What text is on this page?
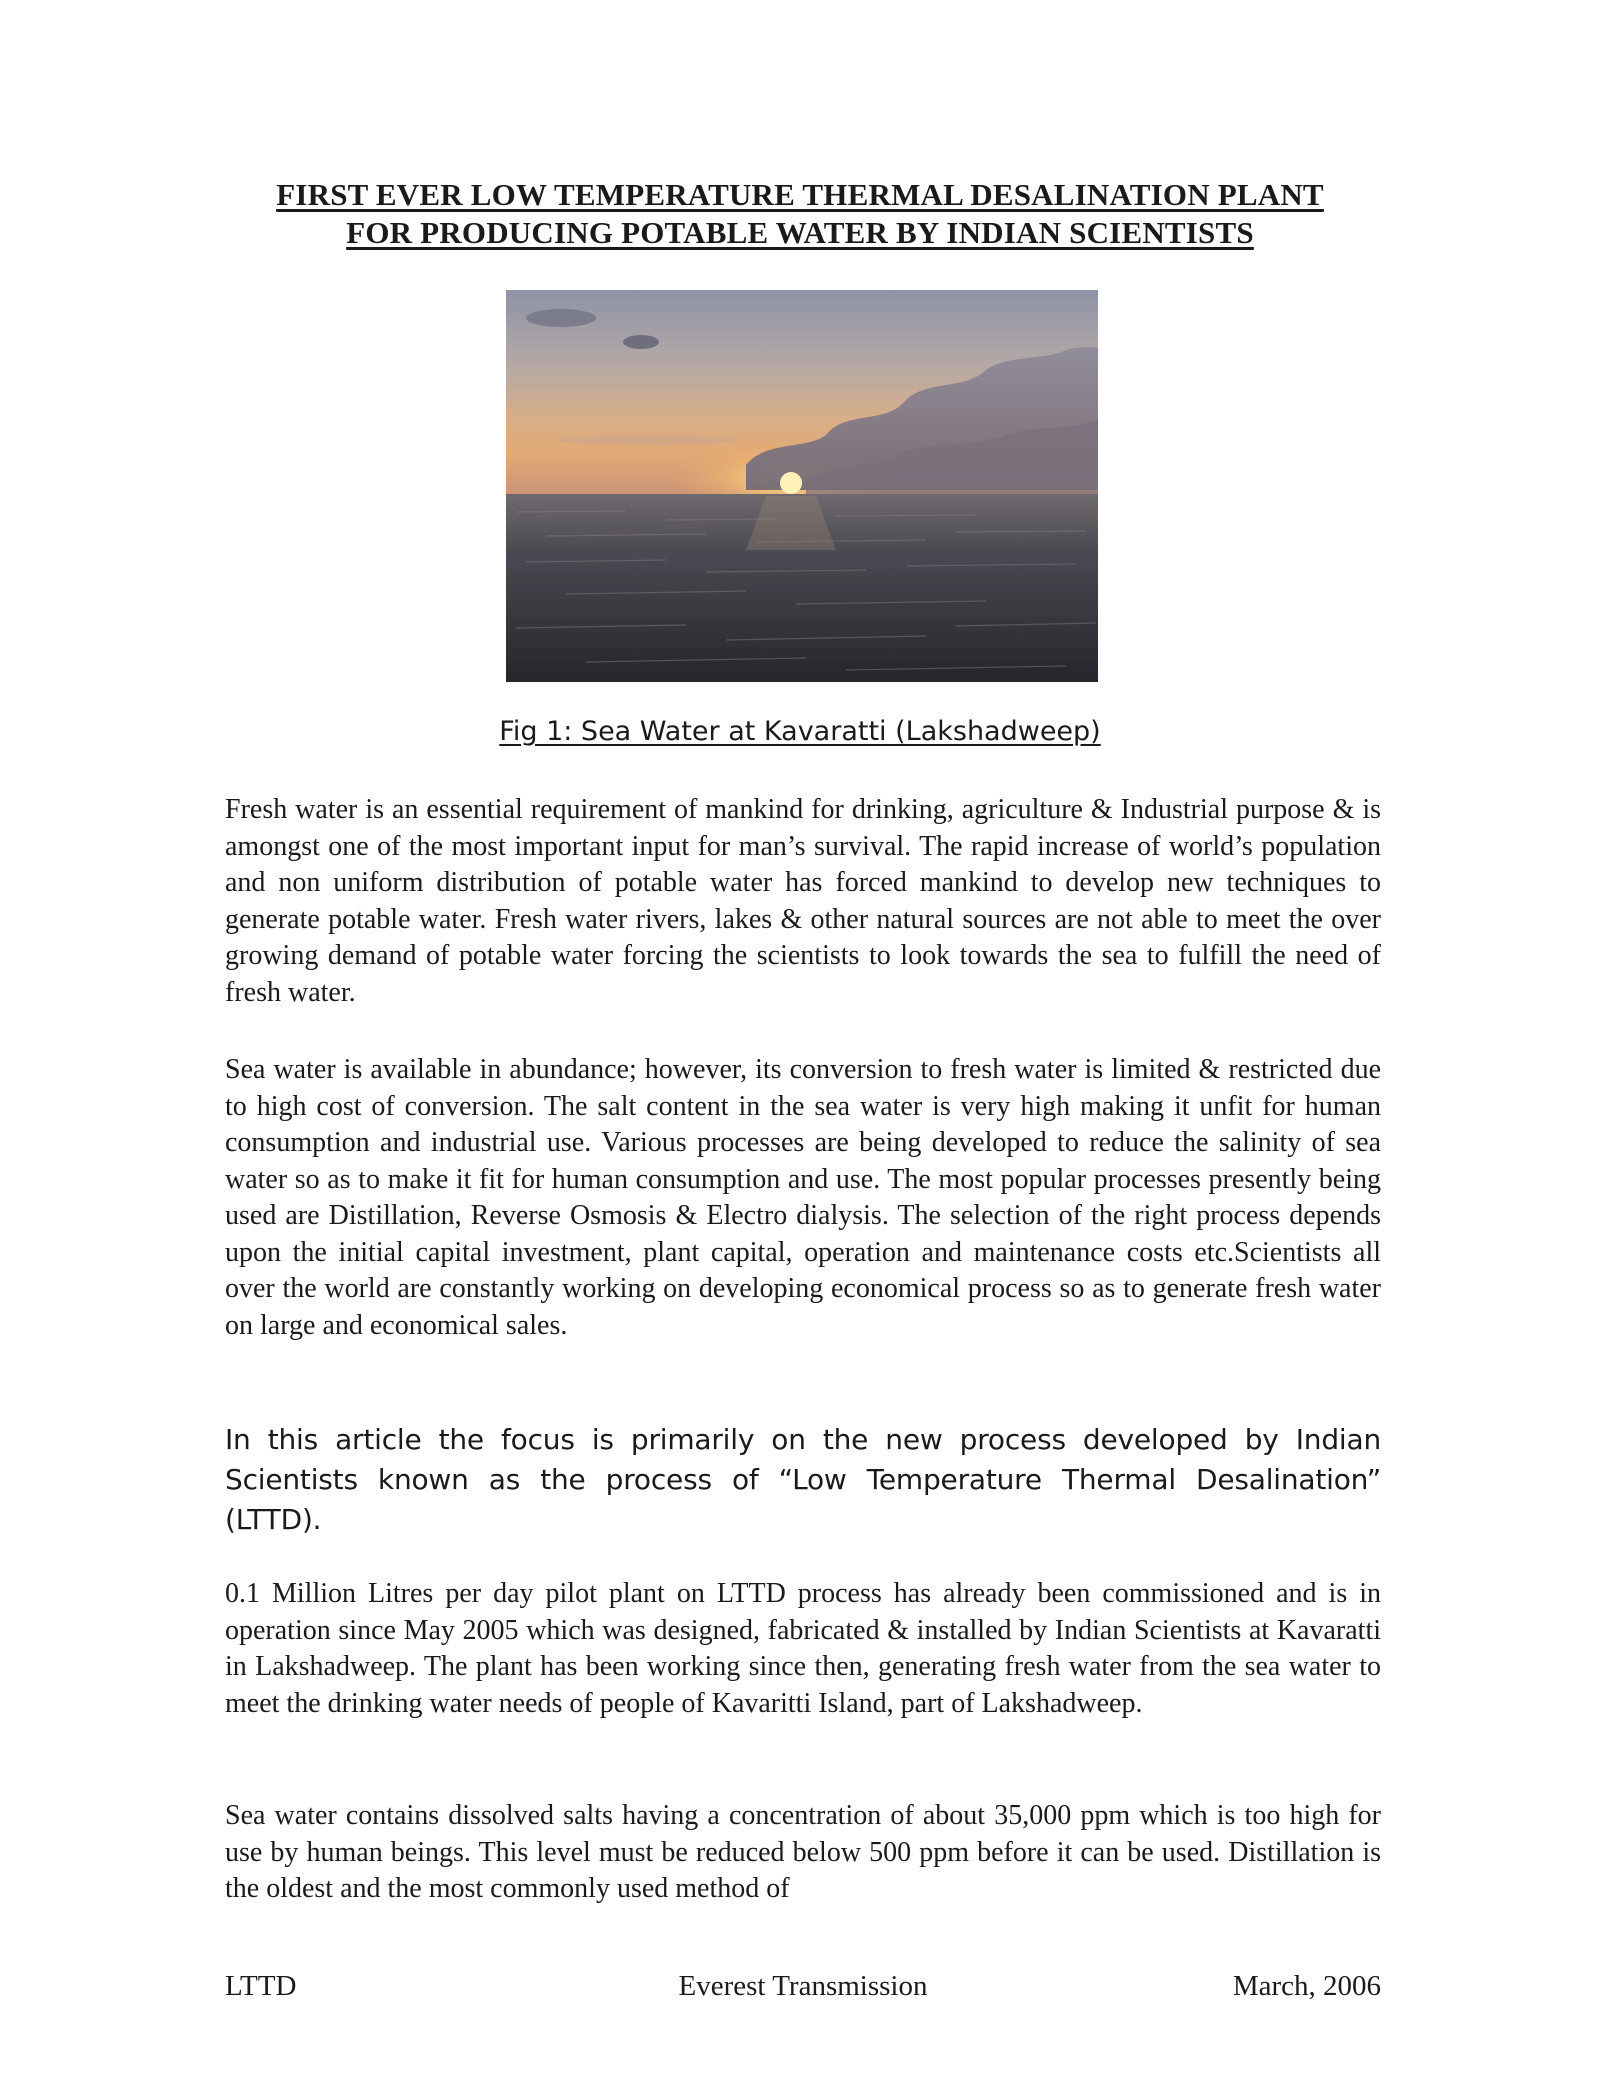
FIRST EVER LOW TEMPERATURE THERMAL DESALINATION PLANT
FOR PRODUCING POTABLE WATER BY INDIAN SCIENTISTS
Fig 1: Sea Water at Kavaratti (Lakshadweep)

Fresh water is an essential requirement of mankind for drinking, agriculture & Industrial purpose & is amongst one of the most important input for man’s survival. The rapid increase of world’s population and non uniform distribution of potable water has forced mankind to develop new techniques to generate potable water. Fresh water rivers, lakes & other natural sources are not able to meet the over growing demand of potable water forcing the scientists to look towards the sea to fulfill the need of fresh water.

Sea water is available in abundance; however, its conversion to fresh water is limited & restricted due to high cost of conversion. The salt content in the sea water is very high making it unfit for human consumption and industrial use. Various processes are being developed to reduce the salinity of sea water so as to make it fit for human consumption and use. The most popular processes presently being used are Distillation, Reverse Osmosis & Electro dialysis. The selection of the right process depends upon the initial capital investment, plant capital, operation and maintenance costs etc.Scientists all over the world are constantly working on developing economical process so as to generate fresh water on large and economical sales.

In this article the focus is primarily on the new process developed by Indian Scientists known as the process of “Low Temperature Thermal Desalination” (LTTD).

0.1 Million Litres per day pilot plant on LTTD process has already been commissioned and is in operation since May 2005 which was designed, fabricated & installed by Indian Scientists at Kavaratti in Lakshadweep. The plant has been working since then, generating fresh water from the sea water to meet the drinking water needs of people of Kavaritti Island, part of Lakshadweep.

Sea water contains dissolved salts having a concentration of about 35,000 ppm which is too high for use by human beings. This level must be reduced below 500 ppm before it can be used. Distillation is the oldest and the most commonly used method of

LTTD	Everest Transmission	March, 2006
